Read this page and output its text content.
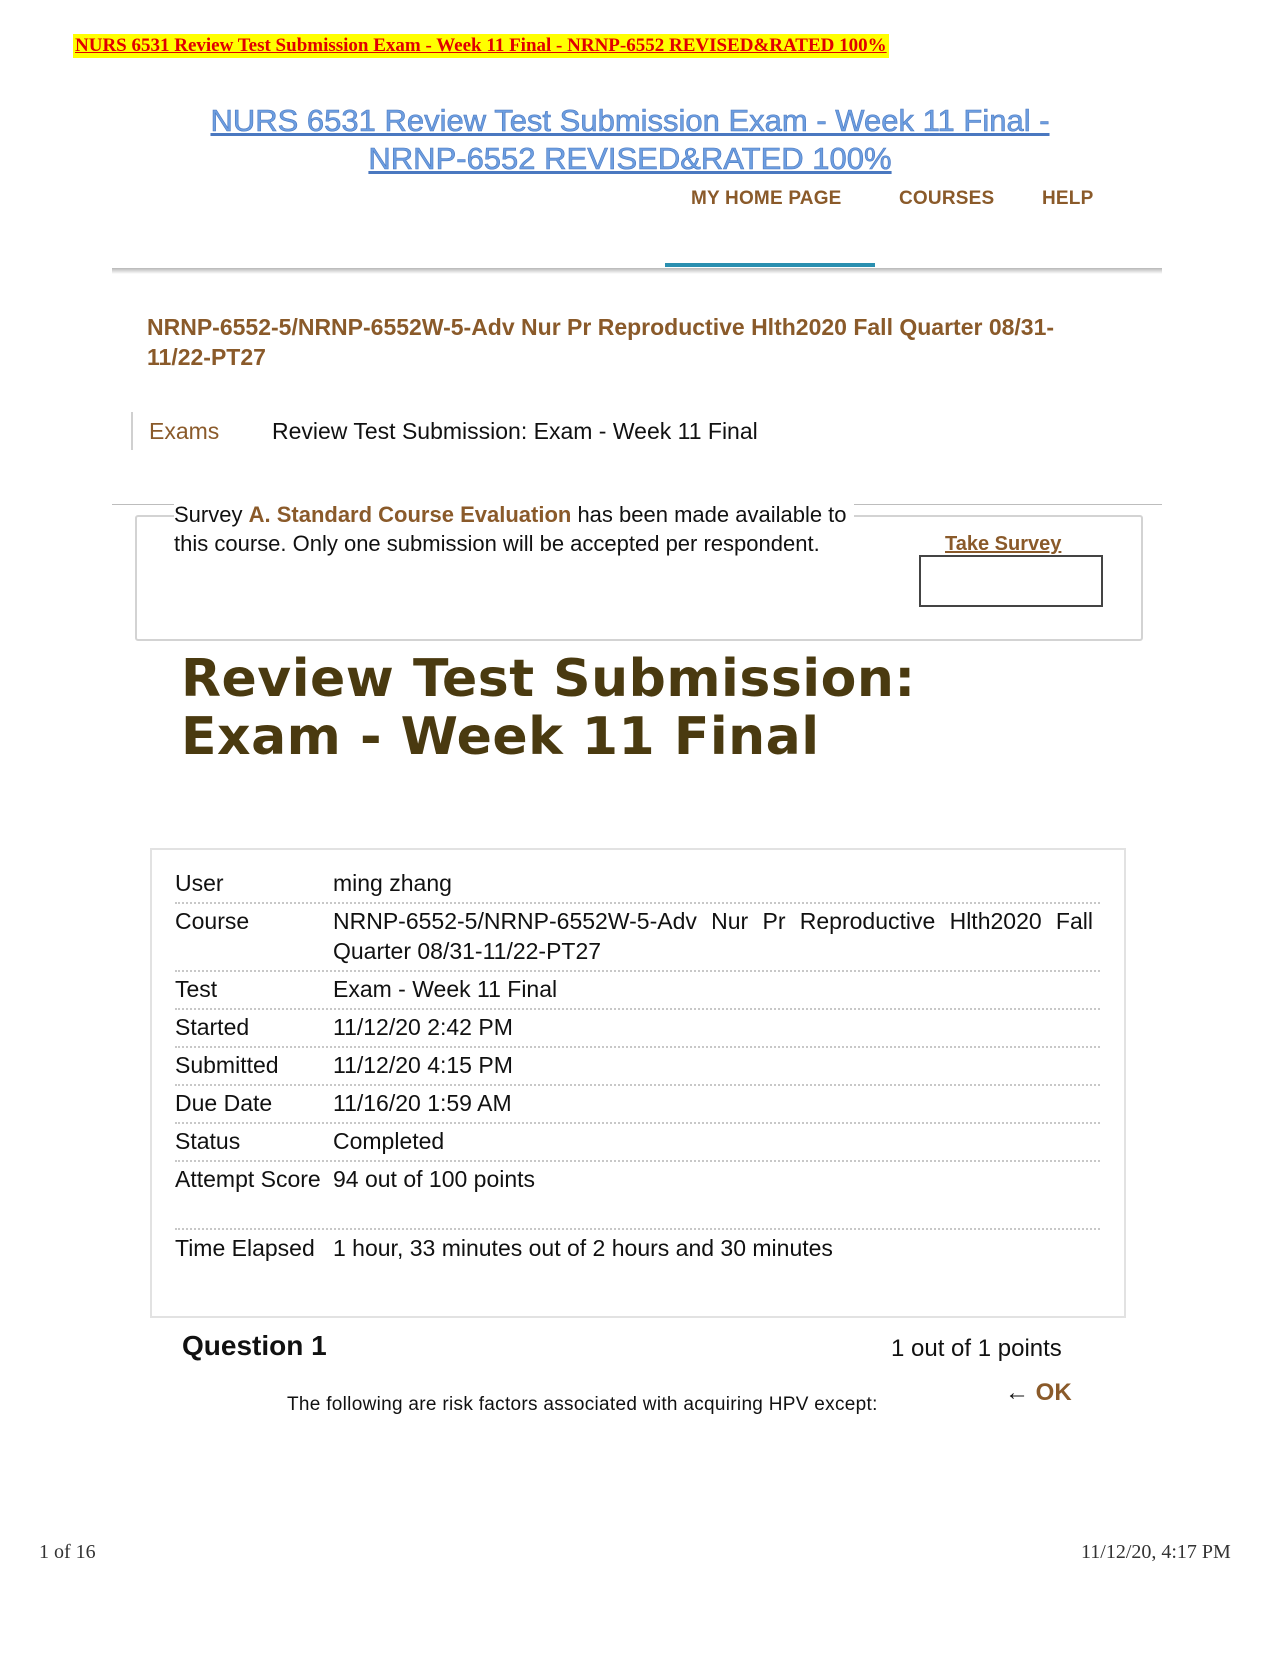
NURS 6531 Review Test Submission Exam - Week 11 Final - NRNP-6552 REVISED&RATED 100%
NURS 6531 Review Test Submission Exam - Week 11 Final -
NRNP-6552 REVISED&RATED 100%
MY HOME PAGE	COURSES	HELP
NRNP-6552-5/NRNP-6552W-5-Adv Nur Pr Reproductive Hlth2020 Fall Quarter 08/31-11/22-PT27
Exams Review Test Submission: Exam - Week 11 Final
Survey A. Standard Course Evaluation has been made available to this course. Only one submission will be accepted per respondent.	Take Survey
Review Test Submission:
Exam - Week 11 Final
User	ming zhang
Course	NRNP-6552-5/NRNP-6552W-5-Adv Nur Pr Reproductive Hlth2020 Fall Quarter 08/31-11/22-PT27
Test	Exam - Week 11 Final
Started	11/12/20 2:42 PM
Submitted	11/12/20 4:15 PM
Due Date	11/16/20 1:59 AM
Status	Completed
Attempt Score 94 out of 100 points
Time Elapsed 1 hour, 33 minutes out of 2 hours and 30 minutes
Question 1	1 out of 1 points
← OK
The following are risk factors associated with acquiring HPV except:
1 of 16	11/12/20, 4:17 PM
